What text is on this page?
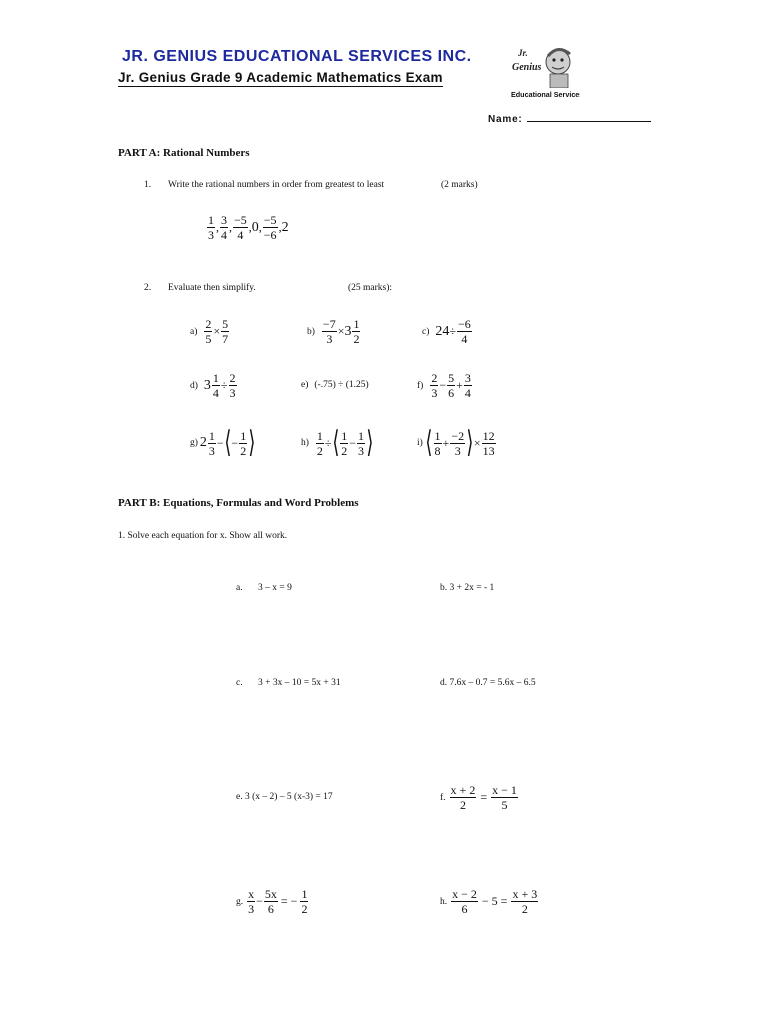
JR. GENIUS EDUCATIONAL SERVICES INC.
Jr. Genius Grade 9 Academic Mathematics Exam
Jr.
Genius
Educational Services
Name:
PART A: Rational Numbers
1. Write the rational numbers in order from greatest to least	(2 marks)
$\frac{1}{3}$ , $\frac{3}{4}$ , $\frac{-5}{4}$ , 0 , $\frac{-5}{-6}$ , 2
2. Evaluate then simplify.	(25 marks):
$a) \frac{2}{5} \times \frac{5}{7}$	$b) \frac{-7}{3} \times 3 \frac{1}{2}$	c) $24 \div \frac{-6}{4}$
d) $3 \frac{1}{4} \div \frac{2}{3}$	e) (-.75) ÷ (1.25)	$f) \frac{2}{3} - \frac{5}{6} + \frac{3}{4}$
g) $2 \frac{1}{3}$ − ⟨ − $\frac{1}{2}$ ⟩	$h) \frac{1}{2}$ ÷ ⟨ $\frac{1}{2} - \frac{1}{3}$ ⟩	i) ⟨ $\frac{1}{8} + \frac{-2}{3}$ ⟩ × $\frac{12}{13}$
PART B: Equations, Formulas and Word Problems
1. Solve each equation for x. Show all work.
a. 3 – x = 9	b. 3 + 2x = - 1
c. 3 + 3x – 10 = 5x + 31	d. 7.6x – 0.7 = 5.6x – 6.5
e. 3 (x – 2) – 5 (x-3) = 17	f. $\frac{x + 2}{2} = \frac{x - 1}{5}$
g. $\frac{x}{3} - \frac{5x}{6}$ = − $\frac{1}{2}$	h. $\frac{x - 2}{6} - 5 = \frac{x + 3}{2}$
